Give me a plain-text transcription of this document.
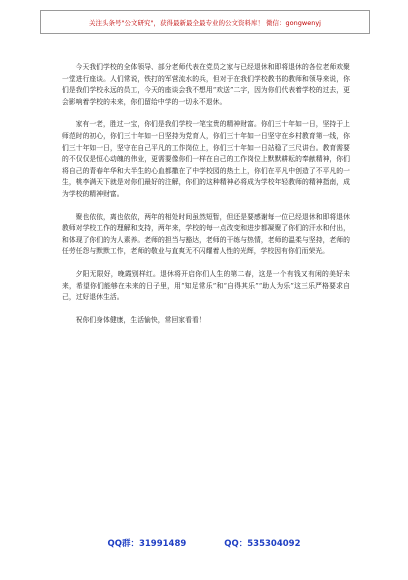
关注头条号"公文研究"，获得最新最全最专业的公文资料库！ 微信：gongwenyj

今天我们学校的全体领导、部分老师代表在党员之家与已经退休和即将退休的各位老师欢聚一堂进行座谈。人们常说，铁打的军营流水的兵，但对于在我们学校教书的教师和领导来说，你们是我们学校永远的员工，今天的座谈会我不想用“欢送”二字，因为你们代表着学校的过去，更会影响着学校的未来，你们留给中学的一切永不退休。

家有一老，胜过一宝，你们是我们学校一笔宝贵的精神财富。你们三十年如一日，坚持于上师范时的初心，你们三十年如一日坚持为党育人，你们三十年如一日坚守在乡村教育第一线，你们三十年如一日，坚守在自己平凡的工作岗位上，你们三十年如一日站稳了三尺讲台。教育需要的不仅仅是恒心动魄的伟业，更需要像你们一样在自己的工作岗位上默默耕耘的奉献精神，你们将自己的青春年华和大半生的心血都撒在了中学校园的热土上，你们在平凡中创造了不平凡的一生，桃李满天下就是对你们最好的注解，你们的这种精神必将成为学校年轻教师的精神指南，成为学校的精神财富。

聚也依依，离也依依，两年的相处时间虽然短暂，但还是要感谢每一位已经退休和即将退休教师对学校工作的理解和支持，两年来，学校的每一点改变和进步都凝聚了你们的汗水和付出，和体现了你们的为人素养。老师的担当与豁达，老师的干练与热情，老师的温柔与坚持，老师的任劳任怨与默默工作，老师的敬业与直爽无不闪耀着人性的光辉，学校因有你们而荣光。

夕阳无限好，晚霞别样红。退休将开启你们人生的第二春，这是一个有钱又有闲的美好未来，希望你们能够在未来的日子里，用“知足常乐”和“自得其乐”“助人为乐”这三乐严格要求自己，过好退休生活。

祝你们身体健康，生活愉快，常回家看看！

QQ群：31991489	QQ：535304092
